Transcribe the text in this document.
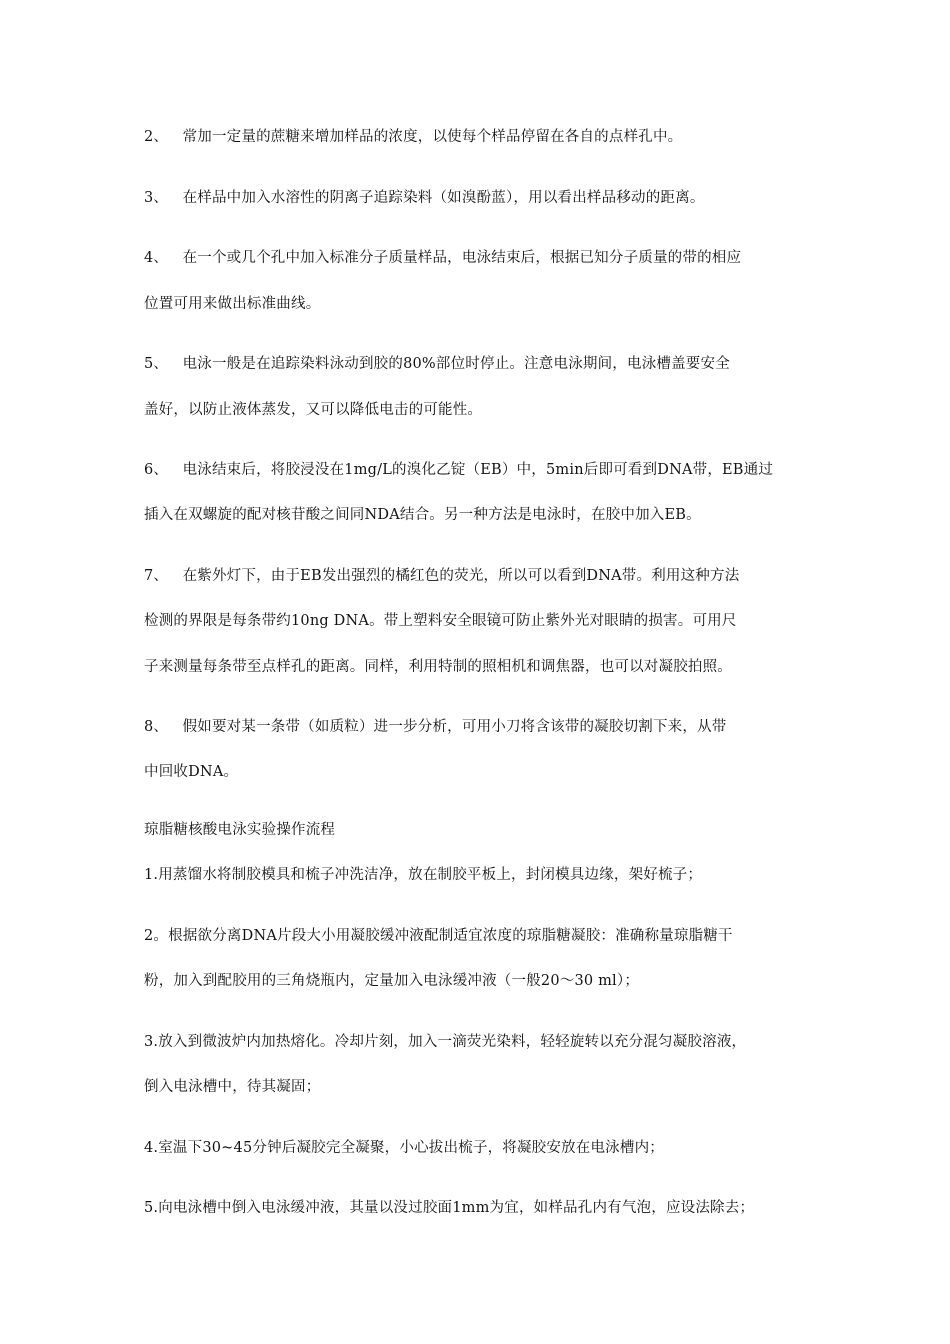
2、 常加一定量的蔗糖来增加样品的浓度，以使每个样品停留在各自的点样孔中。
3、 在样品中加入水溶性的阴离子追踪染料（如溴酚蓝），用以看出样品移动的距离。
4、 在一个或几个孔中加入标准分子质量样品，电泳结束后，根据已知分子质量的带的相应
位置可用来做出标准曲线。
5、 电泳一般是在追踪染料泳动到胶的80%部位时停止。注意电泳期间，电泳槽盖要安全
盖好，以防止液体蒸发，又可以降低电击的可能性。
6、 电泳结束后，将胶浸没在1mg/L的溴化乙锭（EB）中，5min后即可看到DNA带，EB通过
插入在双螺旋的配对核苷酸之间同NDA结合。另一种方法是电泳时，在胶中加入EB。
7、 在紫外灯下，由于EB发出强烈的橘红色的荧光，所以可以看到DNA带。利用这种方法
检测的界限是每条带约10ng DNA。带上塑料安全眼镜可防止紫外光对眼睛的损害。可用尺
子来测量每条带至点样孔的距离。同样，利用特制的照相机和调焦器，也可以对凝胶拍照。
8、 假如要对某一条带（如质粒）进一步分析，可用小刀将含该带的凝胶切割下来，从带
中回收DNA。
琼脂糖核酸电泳实验操作流程
1.用蒸馏水将制胶模具和梳子冲洗洁净，放在制胶平板上，封闭模具边缘，架好梳子；
2。根据欲分离DNA片段大小用凝胶缓冲液配制适宜浓度的琼脂糖凝胶：准确称量琼脂糖干
粉，加入到配胶用的三角烧瓶内，定量加入电泳缓冲液（一般20～30 ml）；
3.放入到微波炉内加热熔化。冷却片刻，加入一滴荧光染料，轻轻旋转以充分混匀凝胶溶液，
倒入电泳槽中，待其凝固；
4.室温下30~45分钟后凝胶完全凝聚，小心拔出梳子，将凝胶安放在电泳槽内；
5.向电泳槽中倒入电泳缓冲液，其量以没过胶面1mm为宜，如样品孔内有气泡，应设法除去；
